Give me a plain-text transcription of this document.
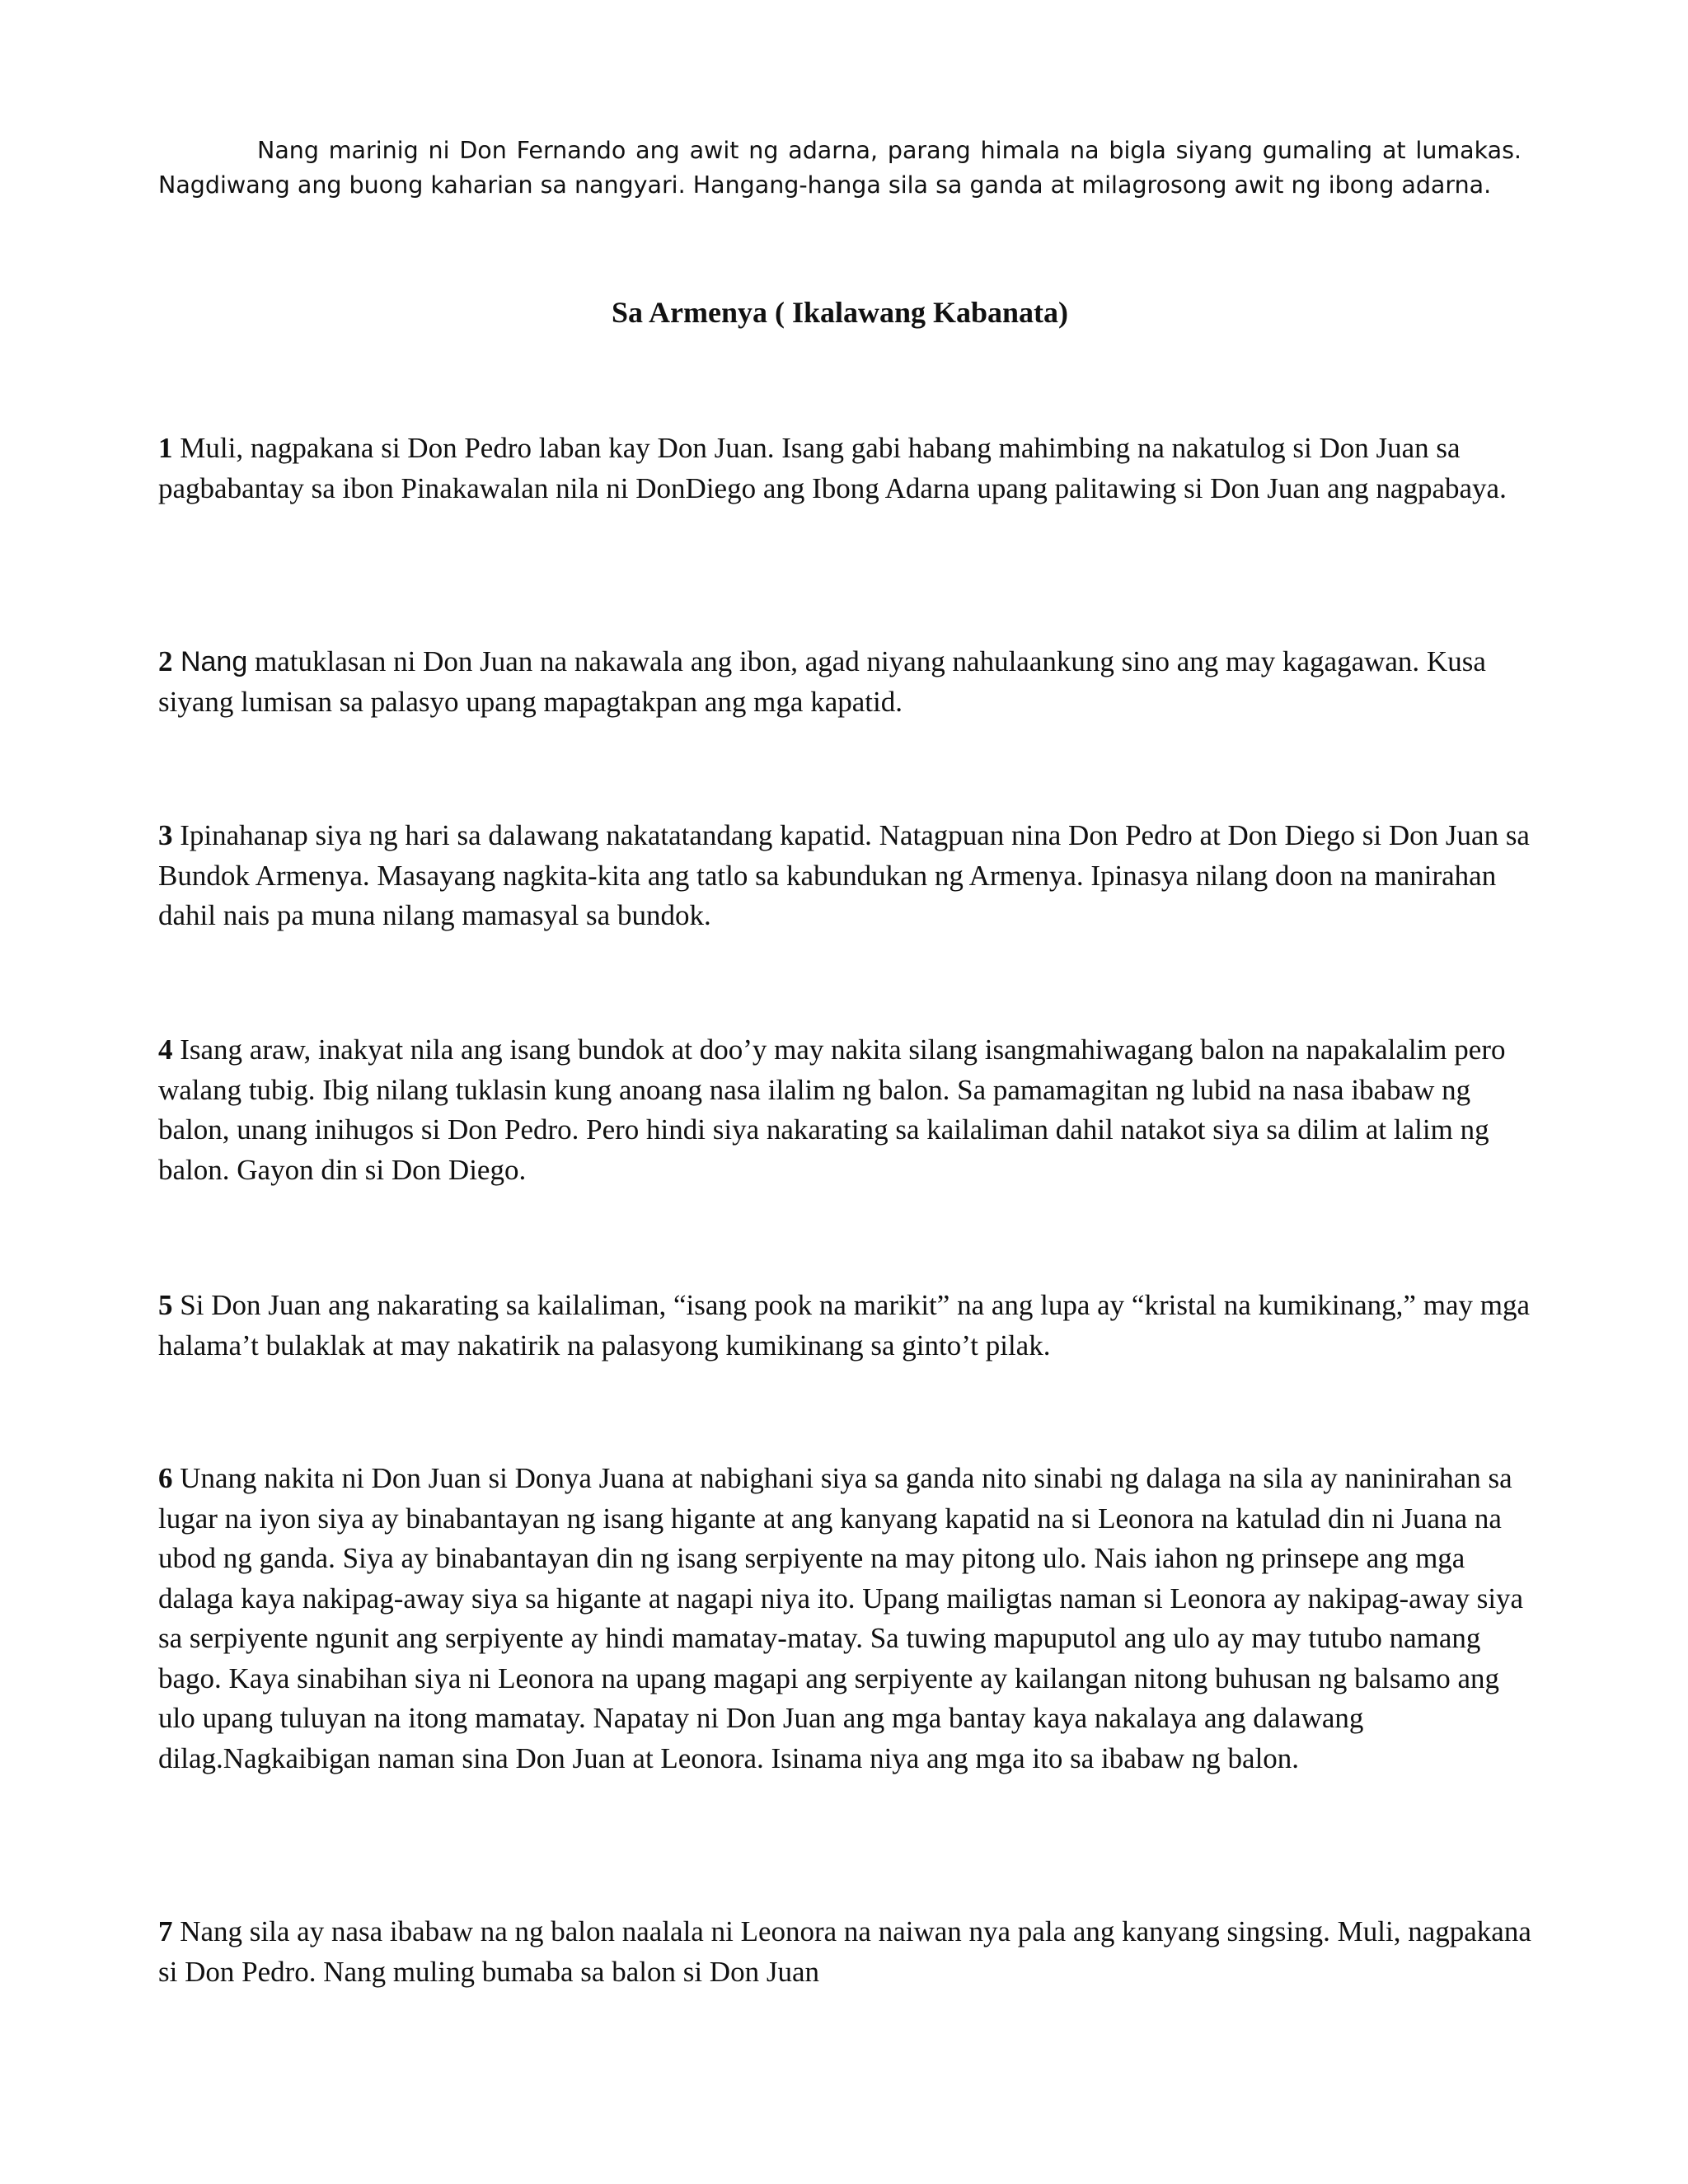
Nang marinig ni Don Fernando ang awit ng adarna, parang himala na bigla siyang gumaling at lumakas. Nagdiwang ang buong kaharian sa nangyari. Hangang-hanga sila sa ganda at milagrosong awit ng ibong adarna.

Sa Armenya ( Ikalawang Kabanata)

1 Muli, nagpakana si Don Pedro laban kay Don Juan. Isang gabi habang mahimbing na nakatulog si Don Juan sa pagbabantay sa ibon Pinakawalan nila ni DonDiego ang Ibong Adarna upang palitawing si Don Juan ang nagpabaya.

2 Nang matuklasan ni Don Juan na nakawala ang ibon, agad niyang nahulaankung sino ang may kagagawan. Kusa siyang lumisan sa palasyo upang mapagtakpan ang mga kapatid.

3 Ipinahanap siya ng hari sa dalawang nakatatandang kapatid. Natagpuan nina Don Pedro at Don Diego si Don Juan sa Bundok Armenya. Masayang nagkita-kita ang tatlo sa kabundukan ng Armenya. Ipinasya nilang doon na manirahan dahil nais pa muna nilang mamasyal sa bundok.

4 Isang araw, inakyat nila ang isang bundok at doo’y may nakita silang isangmahiwagang balon na napakalalim pero walang tubig. Ibig nilang tuklasin kung anoang nasa ilalim ng balon. Sa pamamagitan ng lubid na nasa ibabaw ng balon, unang inihugos si Don Pedro. Pero hindi siya nakarating sa kailaliman dahil natakot siya sa dilim at lalim ng balon. Gayon din si Don Diego.

5 Si Don Juan ang nakarating sa kailaliman, “isang pook na marikit” na ang lupa ay “kristal na kumikinang,” may mga halama’t bulaklak at may nakatirik na palasyong kumikinang sa ginto’t pilak.

6 Unang nakita ni Don Juan si Donya Juana at nabighani siya sa ganda nito sinabi ng dalaga na sila ay naninirahan sa lugar na iyon siya ay binabantayan ng isang higante at ang kanyang kapatid na si Leonora na katulad din ni Juana na ubod ng ganda. Siya ay binabantayan din ng isang serpiyente na may pitong ulo. Nais iahon ng prinsepe ang mga dalaga kaya nakipag-away siya sa higante at nagapi niya ito. Upang mailigtas naman si Leonora ay nakipag-away siya sa serpiyente ngunit ang serpiyente ay hindi mamatay-matay. Sa tuwing mapuputol ang ulo ay may tutubo namang bago. Kaya sinabihan siya ni Leonora na upang magapi ang serpiyente ay kailangan nitong buhusan ng balsamo ang ulo upang tuluyan na itong mamatay. Napatay ni Don Juan ang mga bantay kaya nakalaya ang dalawang dilag.Nagkaibigan naman sina Don Juan at Leonora. Isinama niya ang mga ito sa ibabaw ng balon.

7 Nang sila ay nasa ibabaw na ng balon naalala ni Leonora na naiwan nya pala ang kanyang singsing. Muli, nagpakana si Don Pedro. Nang muling bumaba sa balon si Don Juan
